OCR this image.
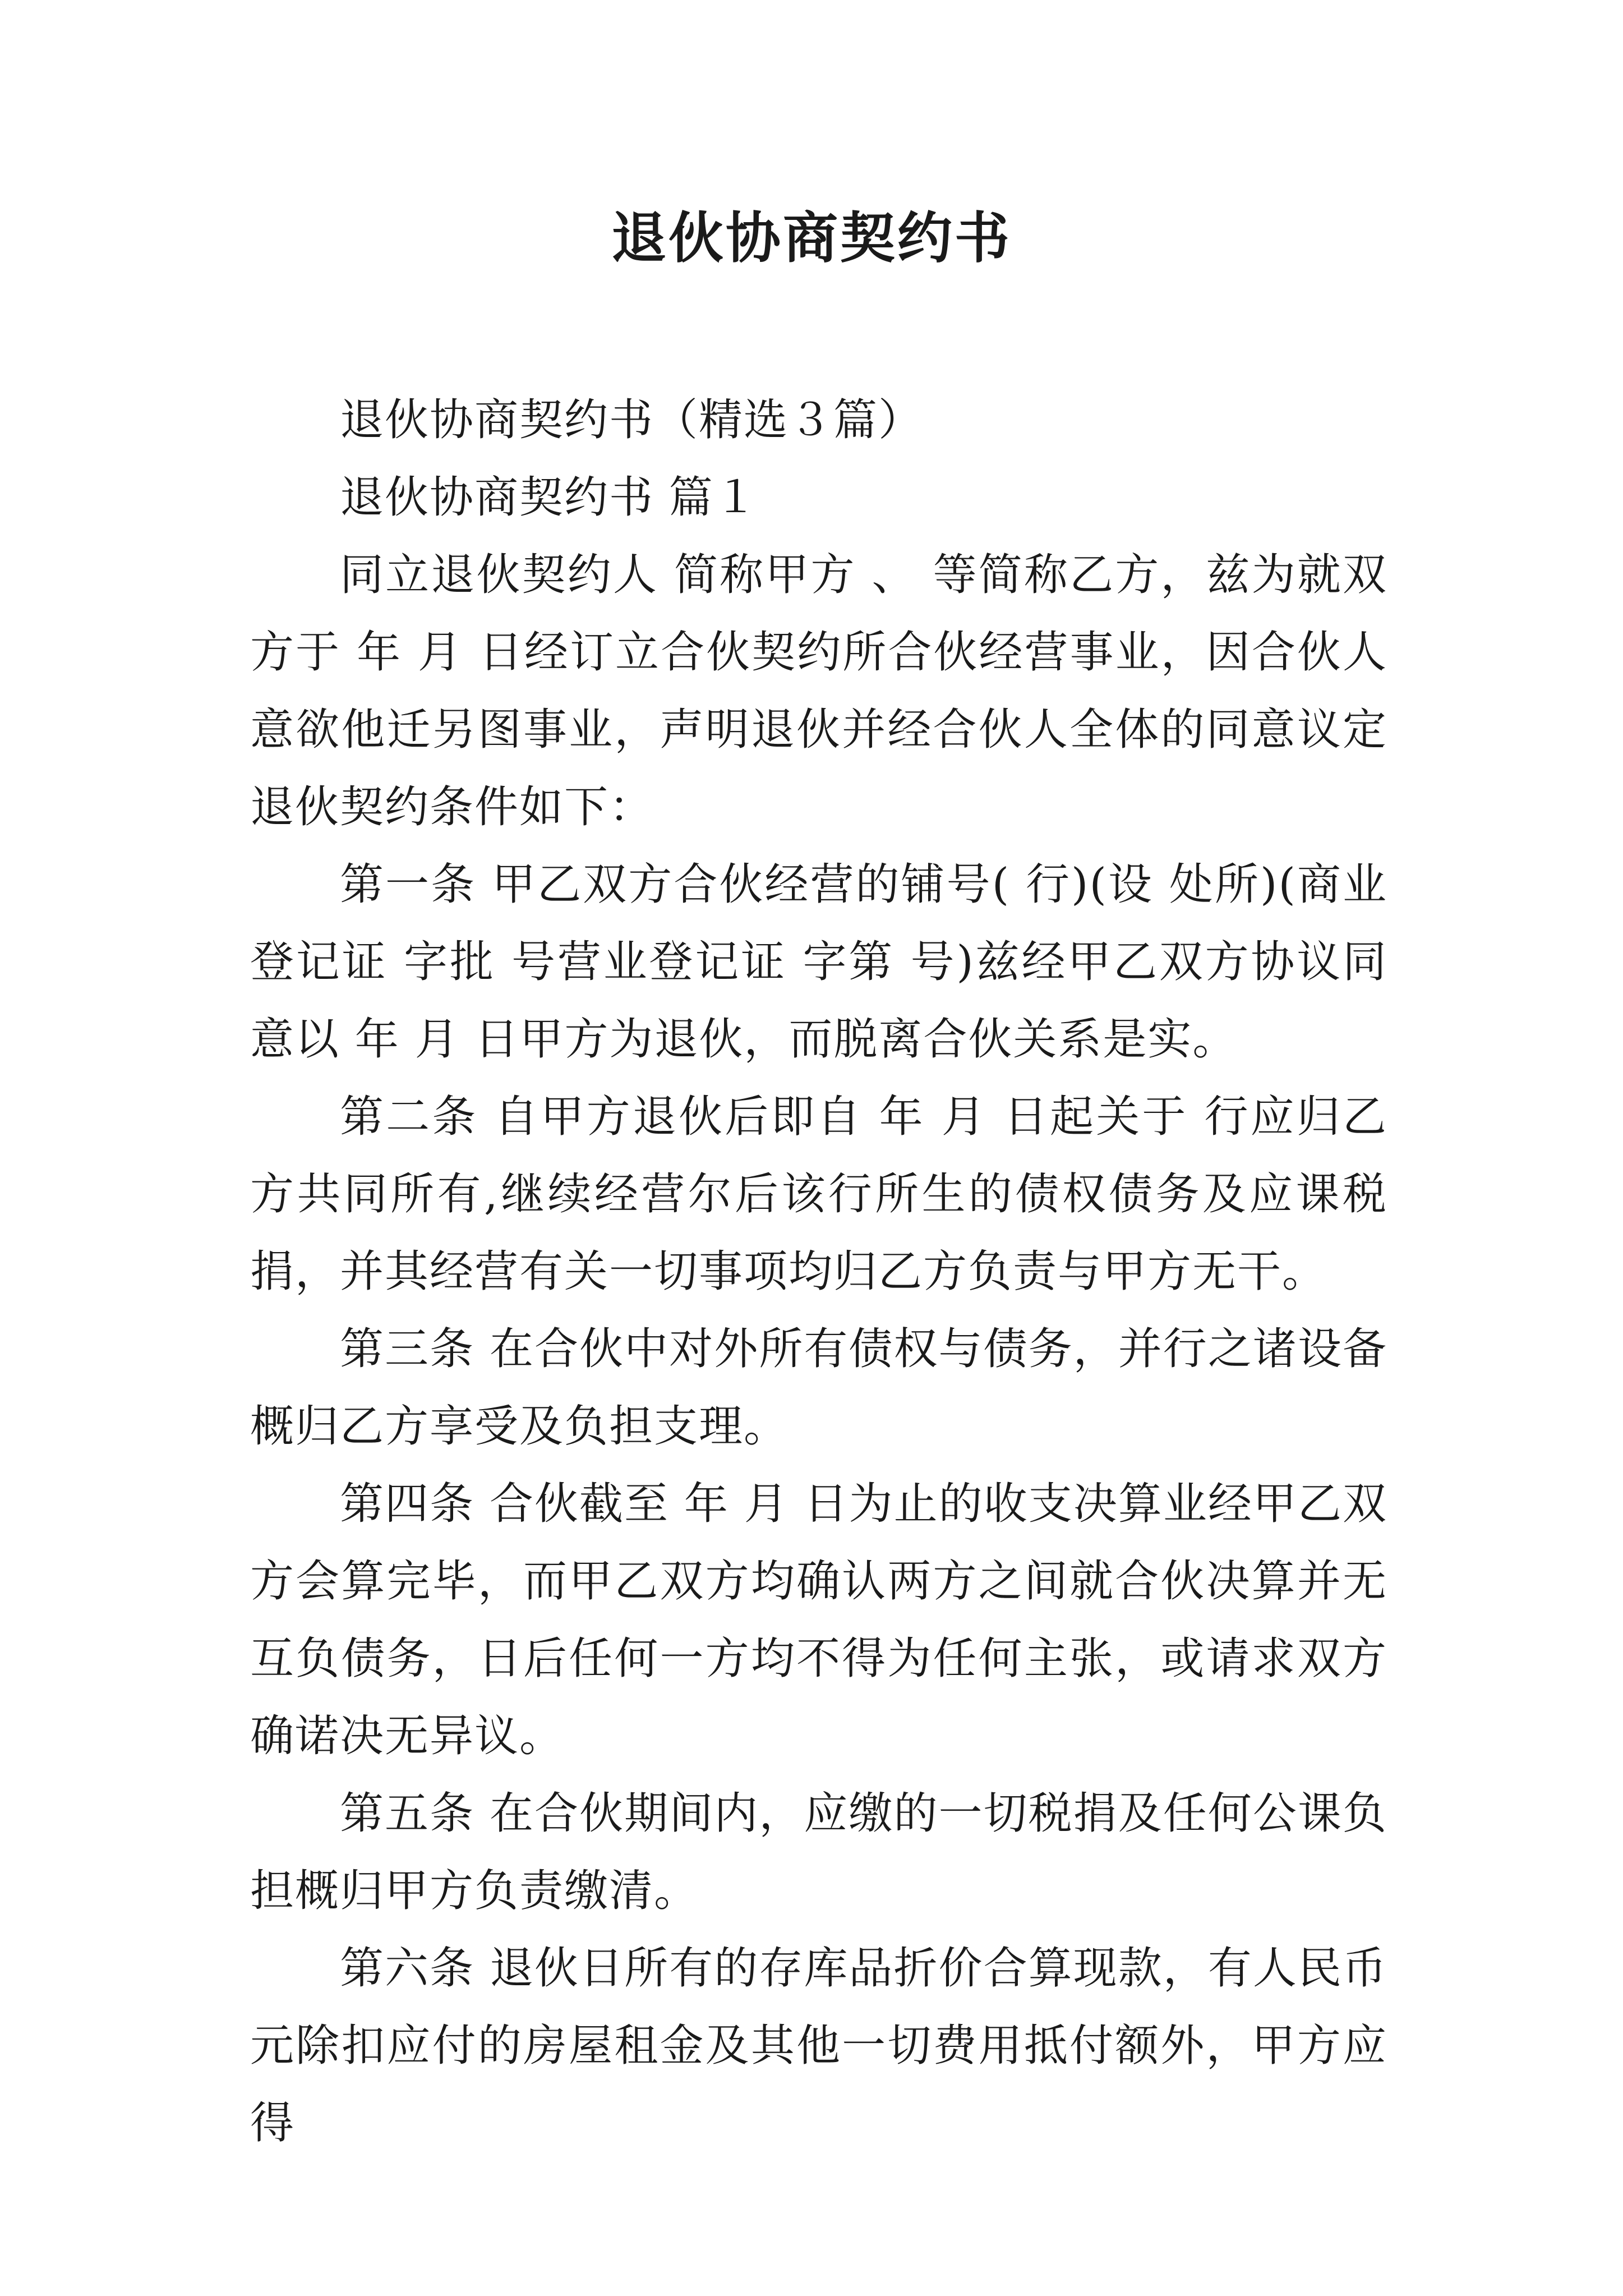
退伙协商契约书

退伙协商契约书（精选３篇）

退伙协商契约书 篇１

同立退伙契约人 简称甲方 、 等简称乙方，兹为就双方于 年 月 日经订立合伙契约所合伙经营事业，因合伙人意欲他迁另图事业，声明退伙并经合伙人全体的同意议定退伙契约条件如下：

第一条 甲乙双方合伙经营的铺号( 行)(设 处所)(商业登记证 字批 号营业登记证 字第 号)兹经甲乙双方协议同意以 年 月 日甲方为退伙，而脱离合伙关系是实。

第二条 自甲方退伙后即自 年 月 日起关于 行应归乙方共同所有,继续经营尔后该行所生的债权债务及应课税捐，并其经营有关一切事项均归乙方负责与甲方无干。

第三条 在合伙中对外所有债权与债务，并行之诸设备概归乙方享受及负担支理。

第四条 合伙截至 年 月 日为止的收支决算业经甲乙双方会算完毕，而甲乙双方均确认两方之间就合伙决算并无互负债务，日后任何一方均不得为任何主张，或请求双方确诺决无异议。

第五条 在合伙期间内，应缴的一切税捐及任何公课负担概归甲方负责缴清。

第六条 退伙日所有的存库品折价合算现款，有人民币元除扣应付的房屋租金及其他一切费用抵付额外，甲方应得
